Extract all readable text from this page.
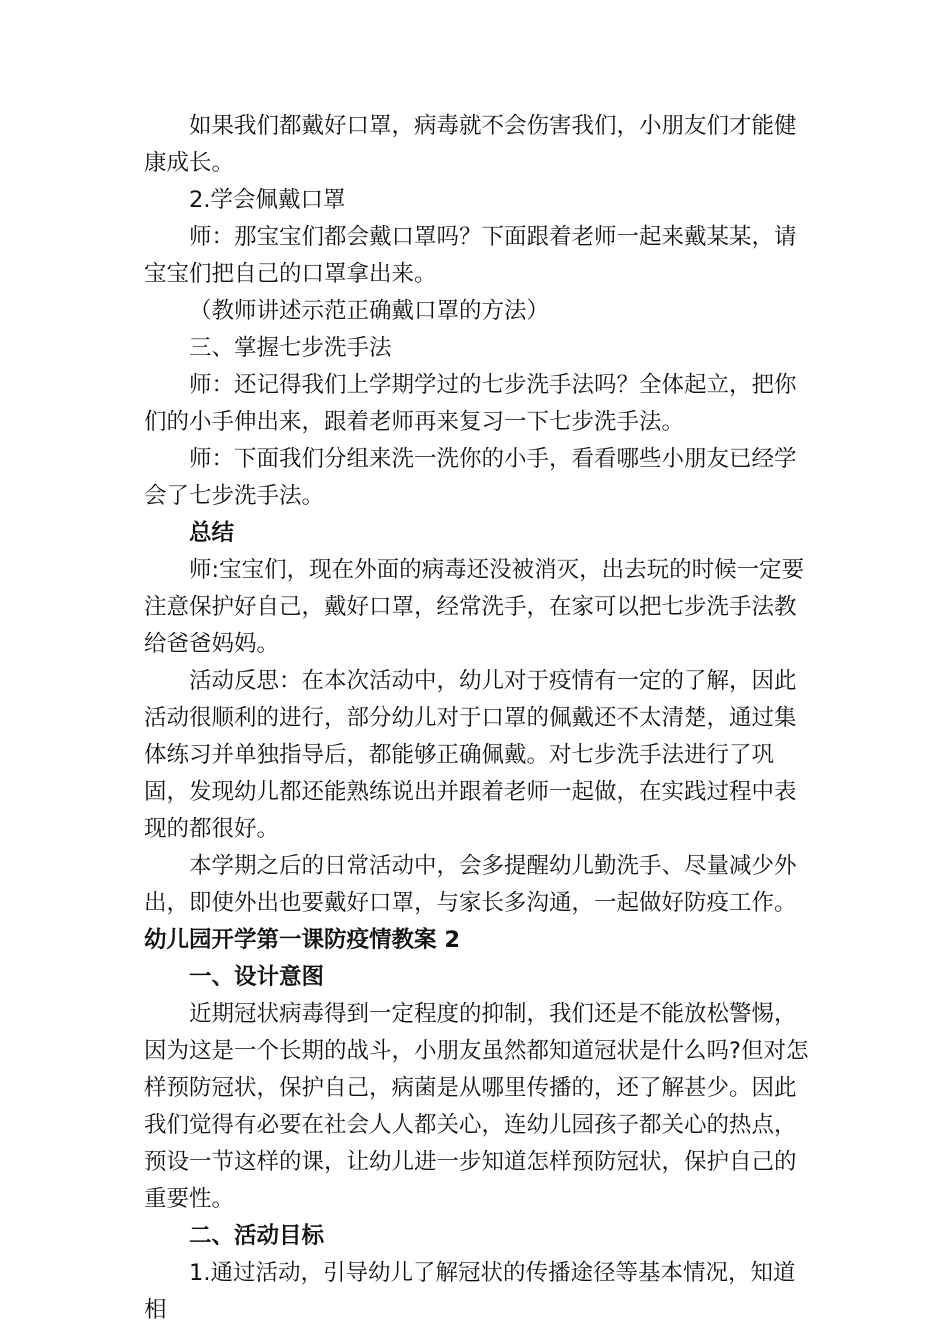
如果我们都戴好口罩，病毒就不会伤害我们，小朋友们才能健康成长。

2.学会佩戴口罩

师：那宝宝们都会戴口罩吗？下面跟着老师一起来戴某某，请宝宝们把自己的口罩拿出来。

（教师讲述示范正确戴口罩的方法）

三、掌握七步洗手法

师：还记得我们上学期学过的七步洗手法吗？全体起立，把你们的小手伸出来，跟着老师再来复习一下七步洗手法。

师：下面我们分组来洗一洗你的小手，看看哪些小朋友已经学会了七步洗手法。

总结

师:宝宝们，现在外面的病毒还没被消灭，出去玩的时候一定要注意保护好自己，戴好口罩，经常洗手，在家可以把七步洗手法教给爸爸妈妈。

活动反思：在本次活动中，幼儿对于疫情有一定的了解，因此活动很顺利的进行，部分幼儿对于口罩的佩戴还不太清楚，通过集体练习并单独指导后，都能够正确佩戴。对七步洗手法进行了巩固，发现幼儿都还能熟练说出并跟着老师一起做，在实践过程中表现的都很好。

本学期之后的日常活动中，会多提醒幼儿勤洗手、尽量减少外出，即使外出也要戴好口罩，与家长多沟通，一起做好防疫工作。

幼儿园开学第一课防疫情教案 2

一、设计意图

近期冠状病毒得到一定程度的抑制，我们还是不能放松警惕，因为这是一个长期的战斗，小朋友虽然都知道冠状是什么吗?但对怎样预防冠状，保护自己，病菌是从哪里传播的，还了解甚少。因此我们觉得有必要在社会人人都关心，连幼儿园孩子都关心的热点，预设一节这样的课，让幼儿进一步知道怎样预防冠状，保护自己的重要性。

二、活动目标

1.通过活动，引导幼儿了解冠状的传播途径等基本情况，知道相
